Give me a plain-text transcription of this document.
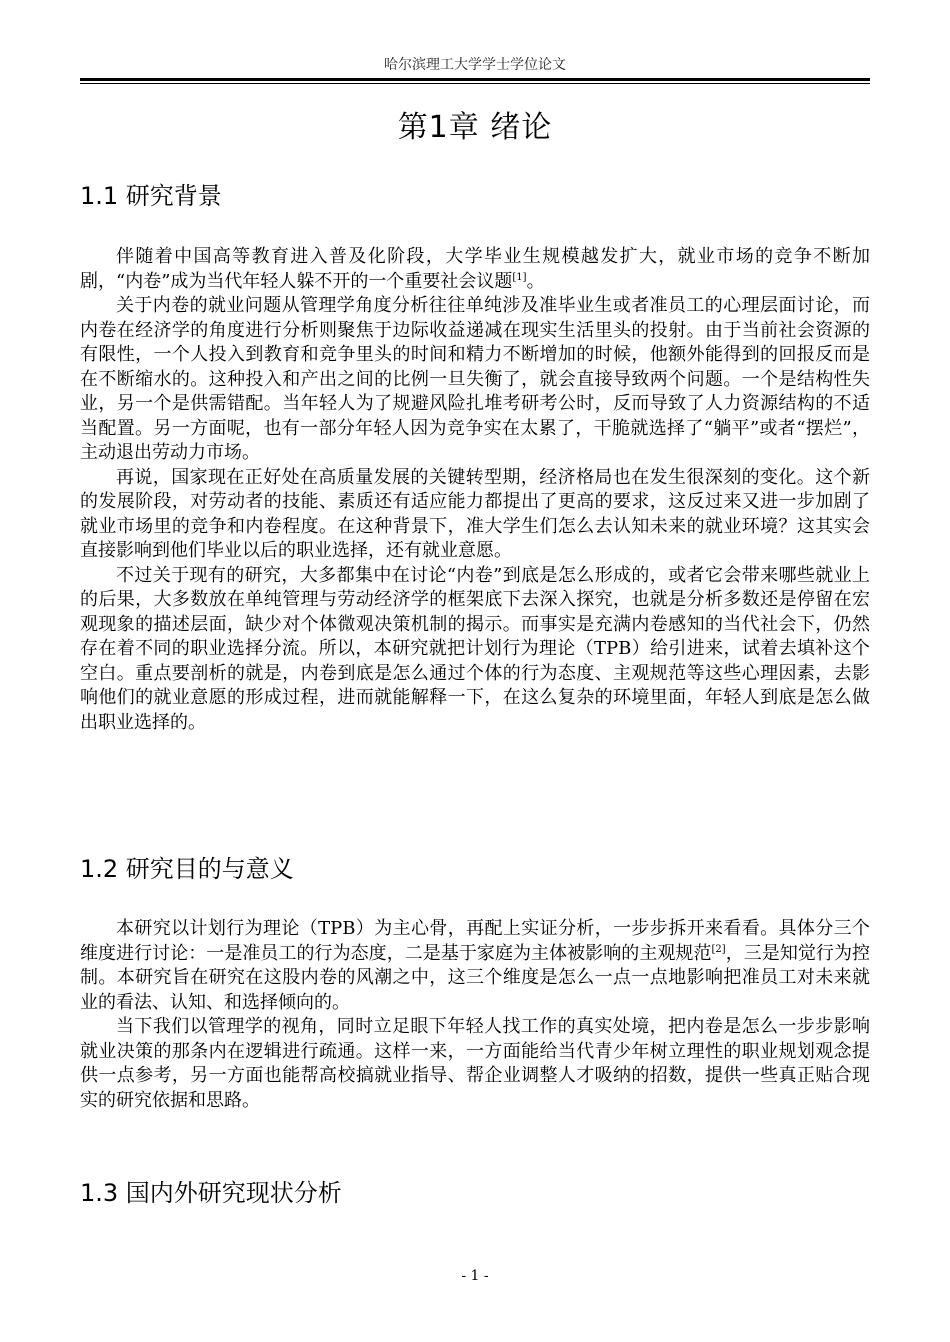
哈尔滨理工大学学士学位论文
第1章 绪论
1.1 研究背景

伴随着中国高等教育进入普及化阶段，大学毕业生规模越发扩大，就业市场的竞争不断加剧，“内卷”成为当代年轻人躲不开的一个重要社会议题[1]。

关于内卷的就业问题从管理学角度分析往往单纯涉及准毕业生或者准员工的心理层面讨论，而内卷在经济学的角度进行分析则聚焦于边际收益递减在现实生活里头的投射。由于当前社会资源的有限性，一个人投入到教育和竞争里头的时间和精力不断增加的时候，他额外能得到的回报反而是在不断缩水的。这种投入和产出之间的比例一旦失衡了，就会直接导致两个问题。一个是结构性失业，另一个是供需错配。当年轻人为了规避风险扎堆考研考公时，反而导致了人力资源结构的不适当配置。另一方面呢，也有一部分年轻人因为竞争实在太累了，干脆就选择了“躺平”或者“摆烂”，主动退出劳动力市场。

再说，国家现在正好处在高质量发展的关键转型期，经济格局也在发生很深刻的变化。这个新的发展阶段，对劳动者的技能、素质还有适应能力都提出了更高的要求，这反过来又进一步加剧了就业市场里的竞争和内卷程度。在这种背景下，准大学生们怎么去认知未来的就业环境？这其实会直接影响到他们毕业以后的职业选择，还有就业意愿。

不过关于现有的研究，大多都集中在讨论“内卷”到底是怎么形成的，或者它会带来哪些就业上的后果，大多数放在单纯管理与劳动经济学的框架底下去深入探究，也就是分析多数还是停留在宏观现象的描述层面，缺少对个体微观决策机制的揭示。而事实是充满内卷感知的当代社会下，仍然存在着不同的职业选择分流。所以，本研究就把计划行为理论（TPB）给引进来，试着去填补这个空白。重点要剖析的就是，内卷到底是怎么通过个体的行为态度、主观规范等这些心理因素，去影响他们的就业意愿的形成过程，进而就能解释一下，在这么复杂的环境里面，年轻人到底是怎么做出职业选择的。

1.2 研究目的与意义

本研究以计划行为理论（TPB）为主心骨，再配上实证分析，一步步拆开来看看。具体分三个维度进行讨论：一是准员工的行为态度，二是基于家庭为主体被影响的主观规范[2]，三是知觉行为控制。本研究旨在研究在这股内卷的风潮之中，这三个维度是怎么一点一点地影响把准员工对未来就业的看法、认知、和选择倾向的。

当下我们以管理学的视角，同时立足眼下年轻人找工作的真实处境，把内卷是怎么一步步影响就业决策的那条内在逻辑进行疏通。这样一来，一方面能给当代青少年树立理性的职业规划观念提供一点参考，另一方面也能帮高校搞就业指导、帮企业调整人才吸纳的招数，提供一些真正贴合现实的研究依据和思路。

1.3 国内外研究现状分析
- 1 -
